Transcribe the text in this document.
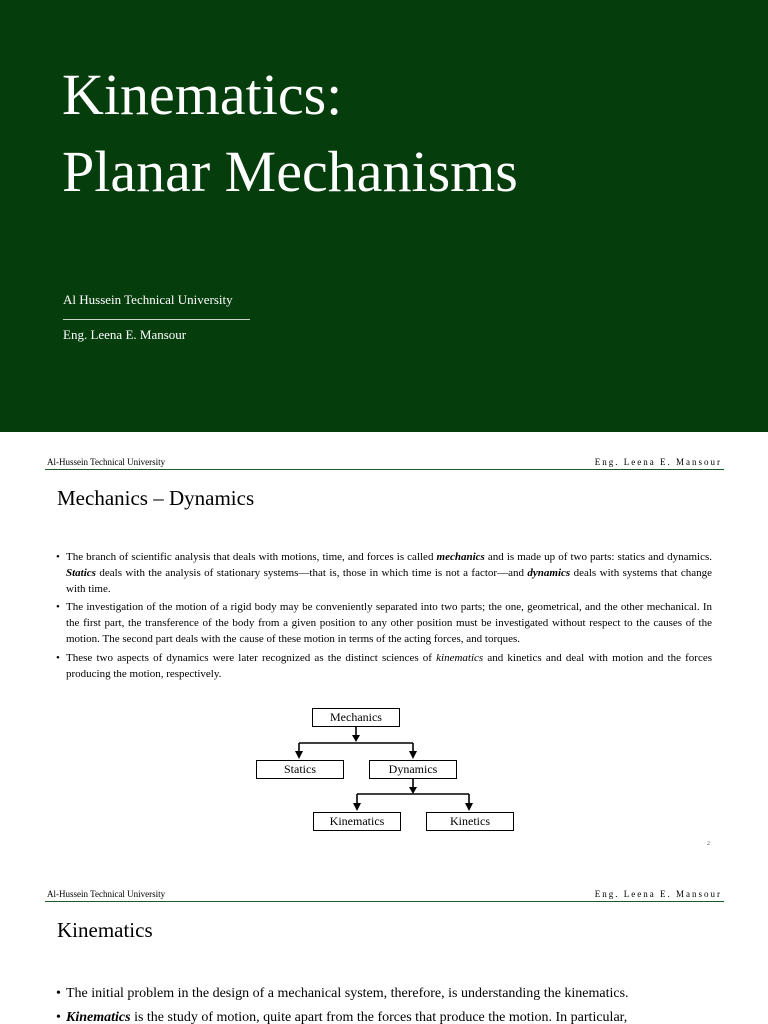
Kinematics:
Planar Mechanisms
Al Hussein Technical University
Eng. Leena E. Mansour
Al-Hussein Technical University	Eng. Leena E. Mansour
Mechanics – Dynamics
• The branch of scientific analysis that deals with motions, time, and forces is called mechanics and is made up of two parts: statics and dynamics. Statics deals with the analysis of stationary systems—that is, those in which time is not a factor—and dynamics deals with systems that change with time.
• The investigation of the motion of a rigid body may be conveniently separated into two parts; the one, geometrical, and the other mechanical. In the first part, the transference of the body from a given position to any other position must be investigated without respect to the causes of the motion. The second part deals with the cause of these motion in terms of the acting forces, and torques.
• These two aspects of dynamics were later recognized as the distinct sciences of kinematics and kinetics and deal with motion and the forces producing the motion, respectively.
Mechanics
Statics	Dynamics
Kinematics	Kinetics
2
Al-Hussein Technical University	Eng. Leena E. Mansour
Kinematics
• The initial problem in the design of a mechanical system, therefore, is understanding the kinematics.
• Kinematics is the study of motion, quite apart from the forces that produce the motion. In particular,
